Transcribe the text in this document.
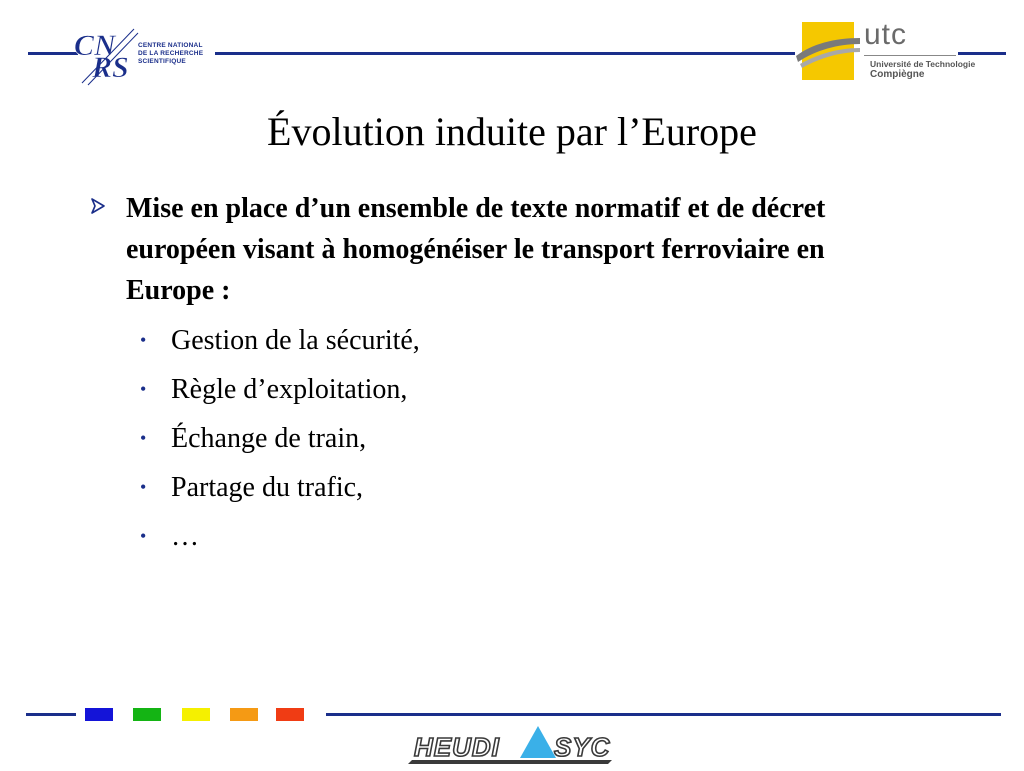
CN
RS
CENTRE NATIONAL
DE LA RECHERCHE
SCIENTIFIQUE
utc
Université de Technologie
Compiègne
Évolution induite par l’Europe
Mise en place d’un ensemble de texte normatif et de décret européen visant à homogénéiser le transport ferroviaire en Europe :
• Gestion de la sécurité,
• Règle d’exploitation,
• Échange de train,
• Partage du trafic,
• …
HEUDI SYC
